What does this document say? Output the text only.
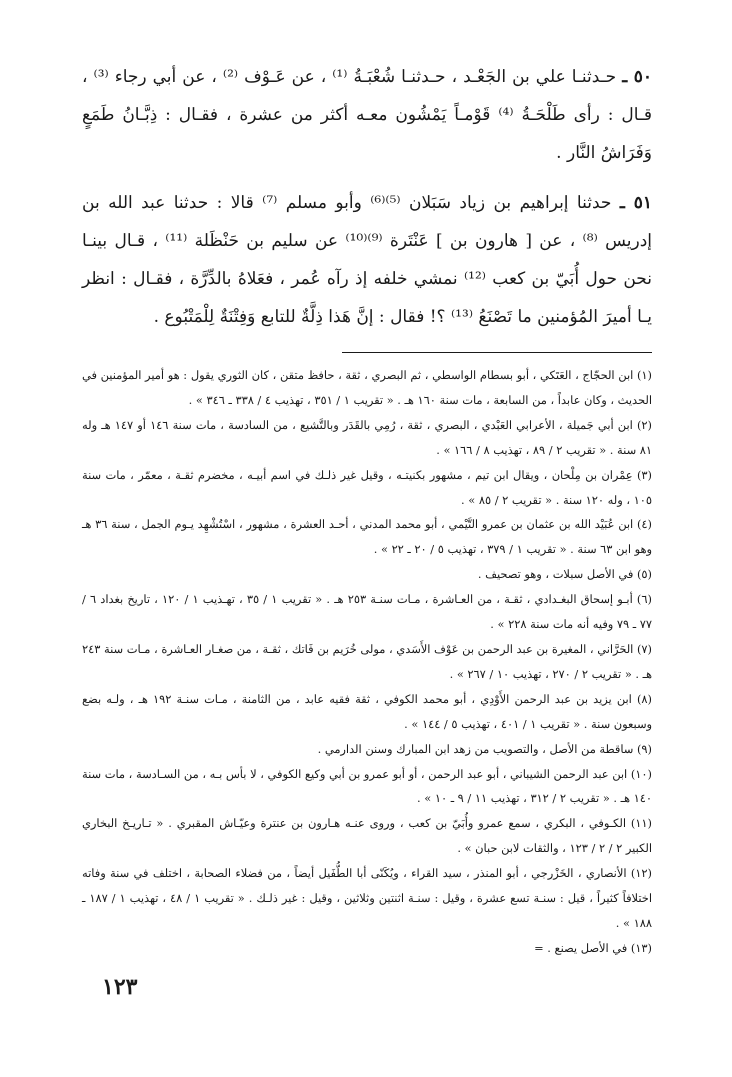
٥٠ ـ حـدثنـا علي بن الجَعْـد ، حـدثنـا شُعْبَـةُ ⁽¹⁾ ، عن عَـوْف ⁽²⁾ ، عن أبي رجاء ⁽³⁾ ، قـال : رأى طَلْحَـةُ ⁽⁴⁾ قَوْمـاً يَمْشُون معـه أكثر من عشرة ، فقـال : ذِبَّـانُ طَمَعٍ وَفَرَاشُ النَّار .

٥١ ـ حدثنا إبراهيم بن زياد سَبَلان ⁽⁵⁾⁽⁶⁾ وأبو مسلم ⁽⁷⁾ قالا : حدثنا عبد الله بن إدريس ⁽⁸⁾ ، عن [ هارون بن ] عَنْتَرة ⁽⁹⁾⁽¹⁰⁾ عن سليم بن حَنْظَلة ⁽¹¹⁾ ، قـال بينـا نحن حول أُبَيّ بن كعب ⁽¹²⁾ نمشي خلفه إذ رآه عُمر ، فعَلاهُ بالدِّرَّة ، فقـال : انظر يـا أميرَ المُؤمنين ما تَصْنَعُ ⁽¹³⁾ ؟! فقال : إنَّ هَذا ذِلَّةٌ للتابع وَفِتْنَةٌ لِلْمَتْبُوع .

(١) ابن الحجّاج ، العَتَكي ، أبو بسطام الواسطي ، ثم البصري ، ثقة ، حافظ متقن ، كان الثوري يقول : هو أمير المؤمنين في الحديث ، وكان عابداً ، من السابعة ، مات سنة ١٦٠ هـ . « تقريب ١ / ٣٥١ ، تهذيب ٤ / ٣٣٨ ـ ٣٤٦ » .

(٢) ابن أبي جَميلة ، الأعرابي العَبْدي ، البصري ، ثقة ، رُمِي بالقَدَر وبالتَّشيع ، من السادسة ، مات سنة ١٤٦ أو ١٤٧ هـ وله ٨١ سنة . « تقريب ٢ / ٨٩ ، تهذيب ٨ / ١٦٦ » .

(٣) عِمْران بن مِلْحان ، ويقال ابن تيم ، مشهور بكنيتـه ، وقيل غير ذلـك في اسم أبيـه ، مخضرم ثقـة ، معمّر ، مات سنة ١٠٥ ، وله ١٢٠ سنة . « تقريب ٢ / ٨٥ » .

(٤) ابن عُبَيْد الله بن عثمان بن عمرو التَّيْمي ، أبو محمد المدني ، أحـد العشرة ، مشهور ، اسْتُشْهِد يـوم الجمل ، سنة ٣٦ هـ وهو ابن ٦٣ سنة . « تقريب ١ / ٣٧٩ ، تهذيب ٥ / ٢٠ ـ ٢٢ » .

(٥) في الأصل سبلات ، وهو تصحيف .

(٦) أبـو إسحاق البغـدادي ، ثقـة ، من العـاشرة ، مـات سنـة ٢٥٣ هـ . « تقريب ١ / ٣٥ ، تهـذيب ١ / ١٢٠ ، تاريخ بغداد ٦ / ٧٧ ـ ٧٩ وفيه أنه مات سنة ٢٢٨ » .

(٧) الحَرَّاني ، المغيرة بن عبد الرحمن بن عَوْف الأَسَدي ، مولى خُرَيم بن فَاتك ، ثقـة ، من صغـار العـاشرة ، مـات سنة ٢٤٣ هـ . « تقريب ٢ / ٢٧٠ ، تهذيب ١٠ / ٢٦٧ » .

(٨) ابن يزيد بن عبد الرحمن الأَوْدِي ، أبو محمد الكوفي ، ثقة فقيه عابد ، من الثامنة ، مـات سنـة ١٩٢ هـ ، ولـه بضع وسبعون سنة . « تقريب ١ / ٤٠١ ، تهذيب ٥ / ١٤٤ » .

(٩) ساقطة من الأصل ، والتصويب من زهد ابن المبارك وسنن الدارمي .

(١٠) ابن عبد الرحمن الشيباني ، أبو عبد الرحمن ، أو أبو عمرو بن أبي وكيع الكوفي ، لا بأس بـه ، من السـادسة ، مات سنة ١٤٠ هـ . « تقريب ٢ / ٣١٢ ، تهذيب ١١ / ٩ ـ ١٠ » .

(١١) الكـوفي ، البكري ، سمع عمرو وأُبَيّ بن كعب ، وروى عنـه هـارون بن عنترة وعيّـاش المقبري . « تـاريـخ البخاري الكبير ٢ / ٢ / ١٢٣ ، والثقات لابن حبان » .

(١٢) الأنصاري ، الخَزْرجي ، أبو المنذر ، سيد القراء ، ويُكَنّى أبا الطُّفَيل أيضاً ، من فضلاء الصحابة ، اختلف في سنة وفاته اختلافاً كثيراً ، قيل : سنـة تسع عشرة ، وقيل : سنـة اثنتين وثلاثين ، وقيل : غير ذلـك . « تقريب ١ / ٤٨ ، تهذيب ١ / ١٨٧ ـ ١٨٨ » .

(١٣) في الأصل يصنع . =

١٢٣
